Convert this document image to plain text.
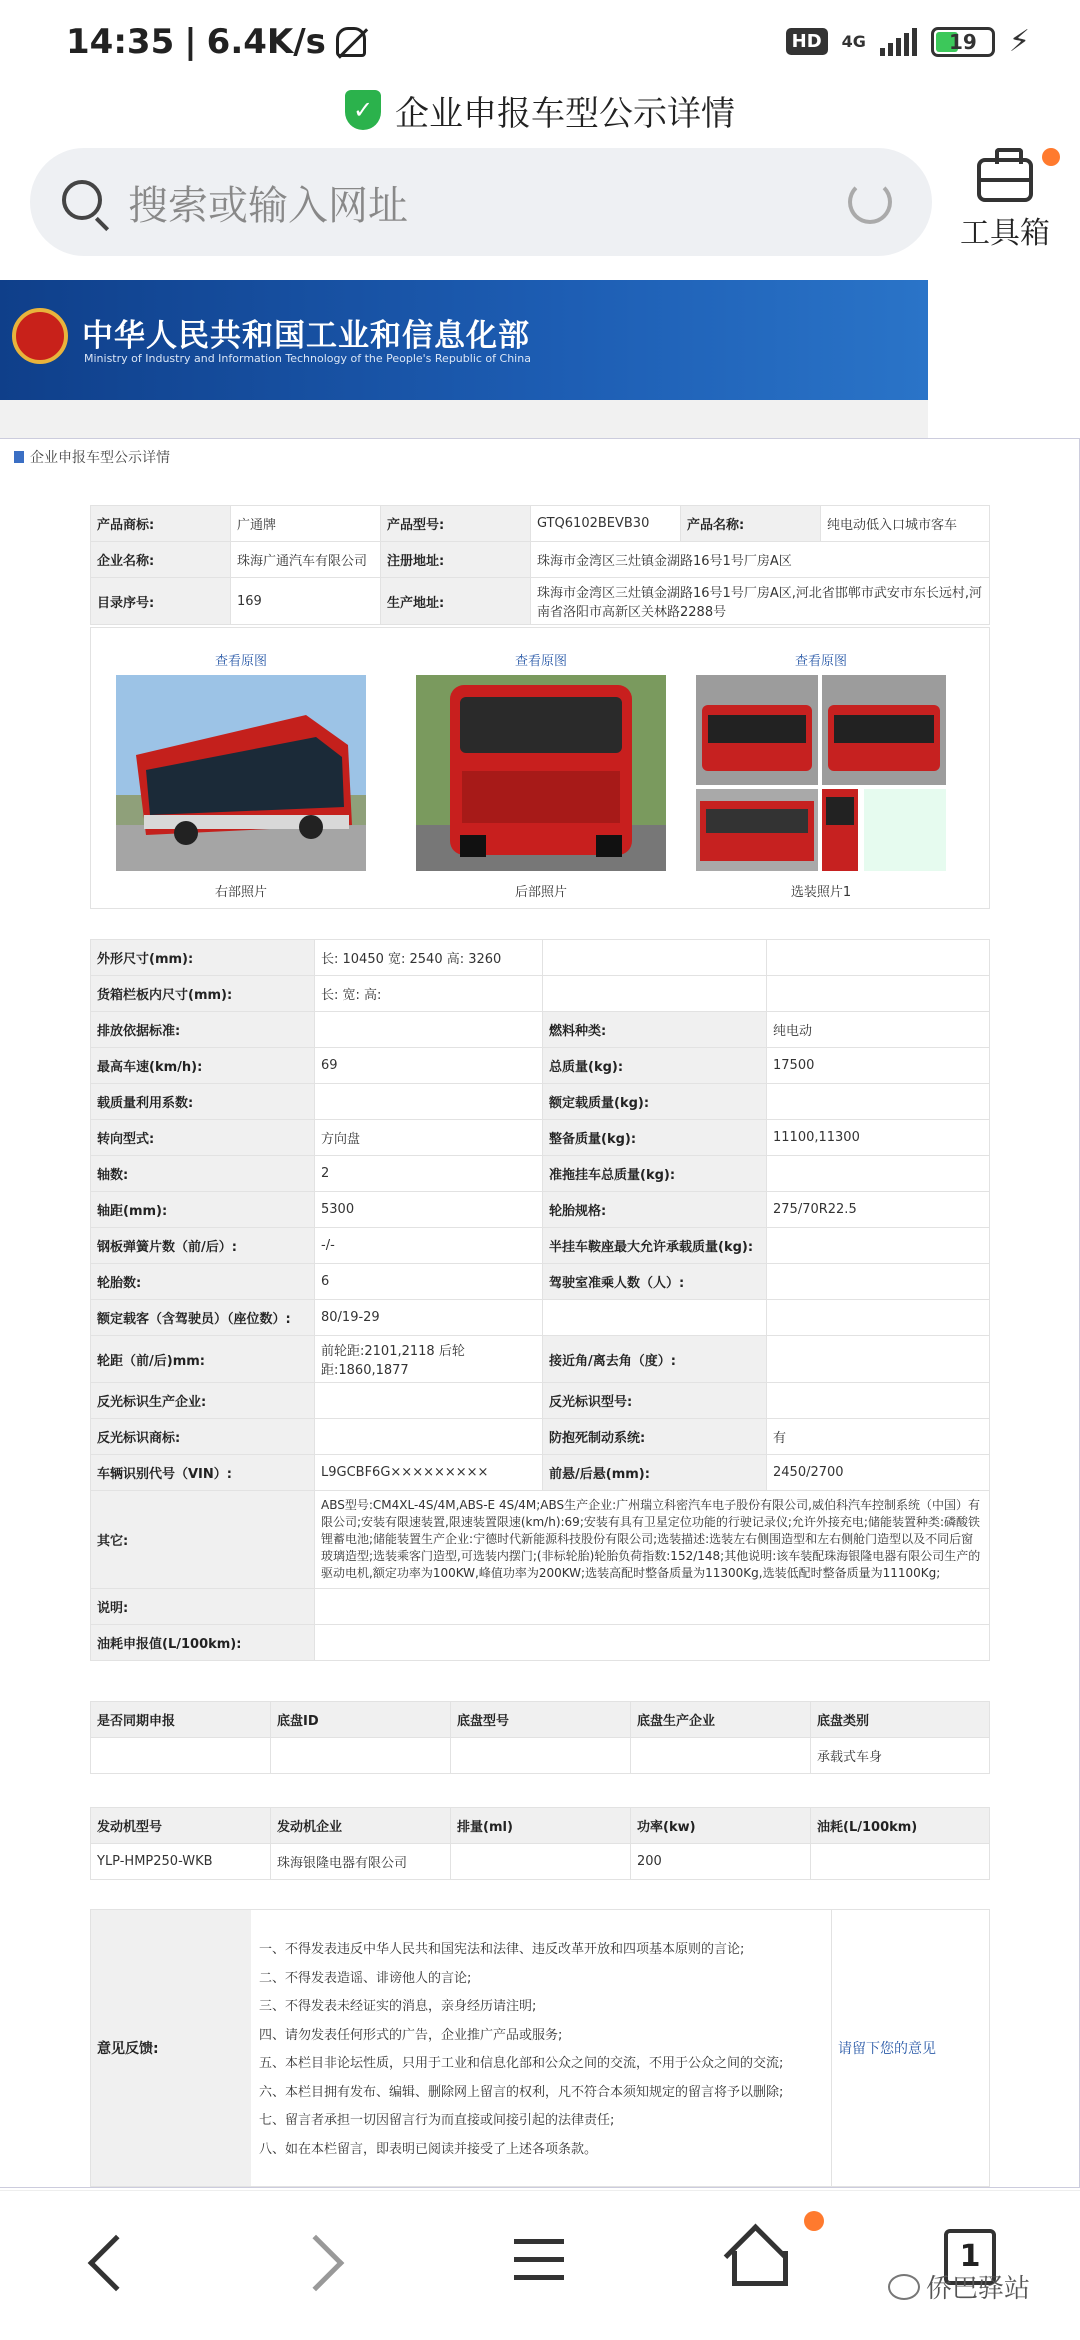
14:35 | 6.4K/s	HD	4G	19 ⚡
✓ 企业申报车型公示详情
搜索或输入网址
工具箱
中华人民共和国工业和信息化部
Ministry of Industry and Information Technology of the People's Republic of China
企业申报车型公示详情
产品商标:	广通牌	产品型号:	GTQ6102BEVB30	产品名称:	纯电动低入口城市客车
企业名称:	珠海广通汽车有限公司	注册地址:	珠海市金湾区三灶镇金湖路16号1号厂房A区		
目录序号:	169	生产地址:	珠海市金湾区三灶镇金湖路16号1号厂房A区,河北省邯郸市武安市东长远村,河南省洛阳市高新区关林路2288号		
查看原图
右部照片
查看原图
后部照片
查看原图
选装照片1
外形尺寸(mm):	长: 10450 宽: 2540 高: 3260		
货箱栏板内尺寸(mm):	长: 宽: 高:		
排放依据标准:		燃料种类:	纯电动
最高车速(km/h):	69	总质量(kg):	17500
载质量利用系数:		额定载质量(kg):	
转向型式:	方向盘	整备质量(kg):	11100,11300
轴数:	2	准拖挂车总质量(kg):	
轴距(mm):	5300	轮胎规格:	275/70R22.5
钢板弹簧片数（前/后）:	-/-	半挂车鞍座最大允许承载质量(kg):	
轮胎数:	6	驾驶室准乘人数（人）:	
额定载客（含驾驶员）（座位数）:	80/19-29		
轮距（前/后)mm:	前轮距:2101,2118 后轮距:1860,1877	接近角/离去角（度）:	
反光标识生产企业:		反光标识型号:	
反光标识商标:		防抱死制动系统:	有
车辆识别代号（VIN）:	L9GCBF6G×××××××××	前悬/后悬(mm):	2450/2700
其它:	ABS型号:CM4XL-4S/4M,ABS-E 4S/4M;ABS生产企业:广州瑞立科密汽车电子股份有限公司,威伯科汽车控制系统（中国）有限公司;安装有限速装置,限速装置限速(km/h):69;安装有具有卫星定位功能的行驶记录仪;允许外接充电;储能装置种类:磷酸铁锂蓄电池;储能装置生产企业:宁德时代新能源科技股份有限公司;选装描述:选装左右侧围造型和左右侧舱门造型以及不同后窗玻璃造型;选装乘客门造型,可选装内摆门;(非标轮胎)轮胎负荷指数:152/148;其他说明:该车装配珠海银隆电器有限公司生产的驱动电机,额定功率为100KW,峰值功率为200KW;选装高配时整备质量为11300Kg,选装低配时整备质量为11100Kg;		
说明:			
油耗申报值(L/100km):			
是否同期申报	底盘ID	底盘型号	底盘生产企业	底盘类别
				承载式车身
发动机型号	发动机企业	排量(ml)	功率(kw)	油耗(L/100km)
YLP-HMP250-WKB	珠海银隆电器有限公司		200	
意见反馈:
一、不得发表违反中华人民共和国宪法和法律、违反改革开放和四项基本原则的言论;
二、不得发表造谣、诽谤他人的言论;
三、不得发表未经证实的消息，亲身经历请注明;
四、请勿发表任何形式的广告，企业推广产品或服务;
五、本栏目非论坛性质，只用于工业和信息化部和公众之间的交流，不用于公众之间的交流;
六、本栏目拥有发布、编辑、删除网上留言的权利，凡不符合本须知规定的留言将予以删除;
七、留言者承担一切因留言行为而直接或间接引起的法律责任;
八、如在本栏留言，即表明已阅读并接受了上述各项条款。
请留下您的意见
1
侨巴驿站
